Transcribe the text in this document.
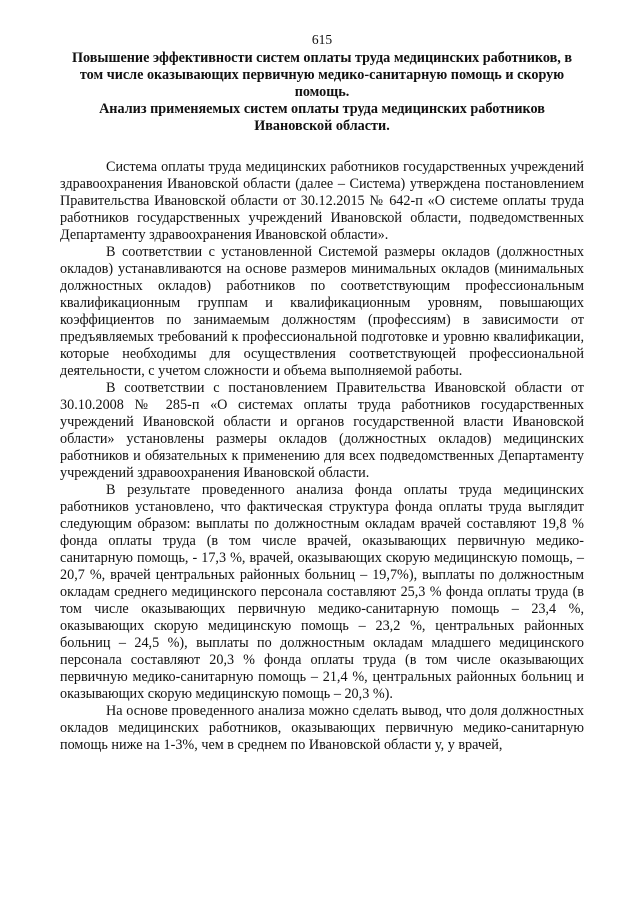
615

Повышение эффективности систем оплаты труда медицинских работников, в том числе оказывающих первичную медико-санитарную помощь и скорую помощь.

Анализ применяемых систем оплаты труда медицинских работников Ивановской области.

Система оплаты труда медицинских работников государственных учреждений здравоохранения Ивановской области (далее – Система) утверждена постановлением Правительства Ивановской области от 30.12.2015 № 642-п «О системе оплаты труда работников государственных учреждений Ивановской области, подведомственных Департаменту здравоохранения Ивановской области».

В соответствии с установленной Системой размеры окладов (должностных окладов) устанавливаются на основе размеров минимальных окладов (минимальных должностных окладов) работников по соответствующим профессиональным квалификационным группам и квалификационным уровням, повышающих коэффициентов по занимаемым должностям (профессиям) в зависимости от предъявляемых требований к профессиональной подготовке и уровню квалификации, которые необходимы для осуществления соответствующей профессиональной деятельности, с учетом сложности и объема выполняемой работы.

В соответствии с постановлением Правительства Ивановской области от 30.10.2008 № 285-п «О системах оплаты труда работников государственных учреждений Ивановской области и органов государственной власти Ивановской области» установлены размеры окладов (должностных окладов) медицинских работников и обязательных к применению для всех подведомственных Департаменту учреждений здравоохранения Ивановской области.

В результате проведенного анализа фонда оплаты труда медицинских работников установлено, что фактическая структура фонда оплаты труда выглядит следующим образом: выплаты по должностным окладам врачей составляют 19,8 % фонда оплаты труда (в том числе врачей, оказывающих первичную медико-санитарную помощь, - 17,3 %, врачей, оказывающих скорую медицинскую помощь, – 20,7 %, врачей центральных районных больниц – 19,7%), выплаты по должностным окладам среднего медицинского персонала составляют 25,3 % фонда оплаты труда (в том числе оказывающих первичную медико-санитарную помощь – 23,4 %, оказывающих скорую медицинскую помощь – 23,2 %, центральных районных больниц – 24,5 %), выплаты по должностным окладам младшего медицинского персонала составляют 20,3 % фонда оплаты труда (в том числе оказывающих первичную медико-санитарную помощь – 21,4 %, центральных районных больниц и оказывающих скорую медицинскую помощь – 20,3 %).

На основе проведенного анализа можно сделать вывод, что доля должностных окладов медицинских работников, оказывающих первичную медико-санитарную помощь ниже на 1-3%, чем в среднем по Ивановской области у, у врачей,
